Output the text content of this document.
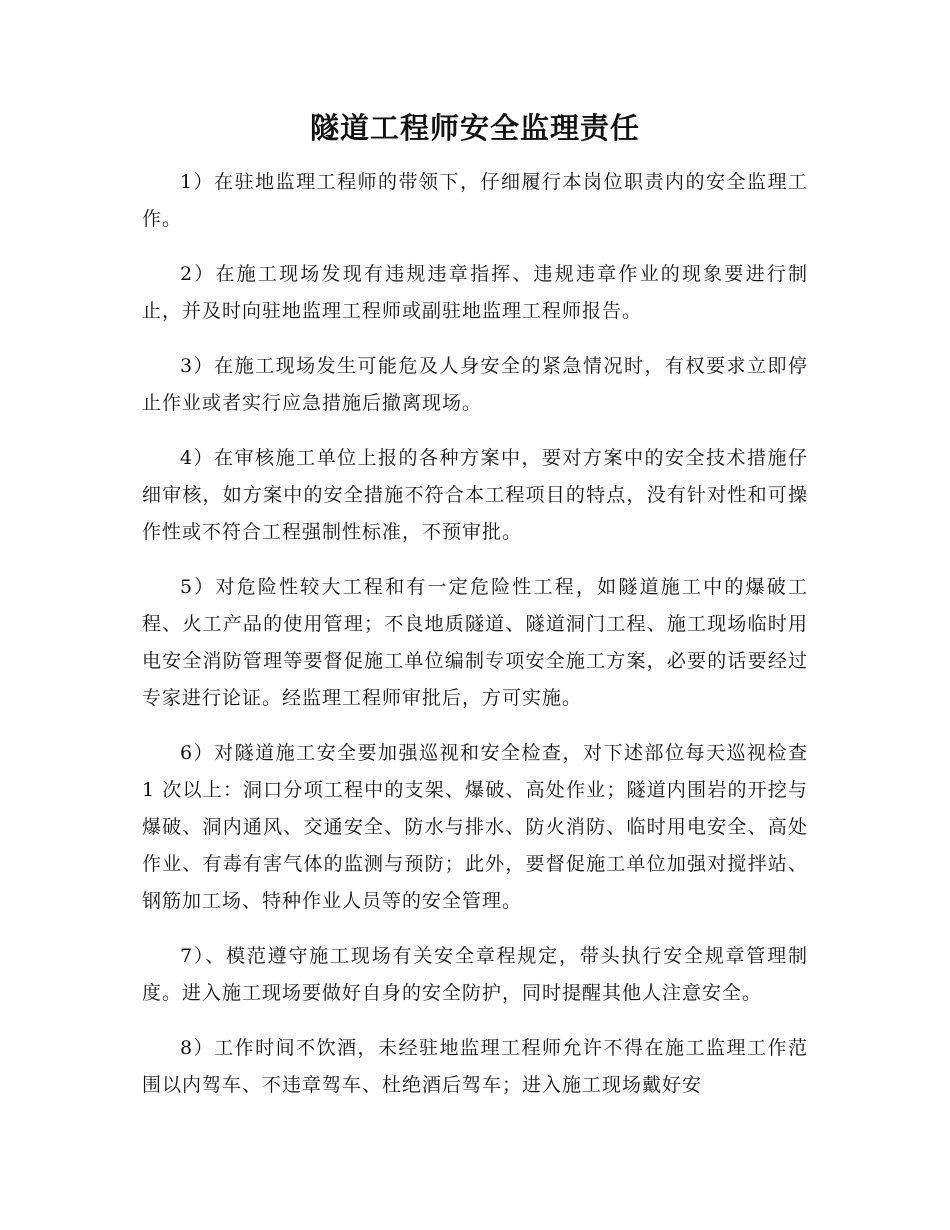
隧道工程师安全监理责任

1）在驻地监理工程师的带领下，仔细履行本岗位职责内的安全监理工作。

2）在施工现场发现有违规违章指挥、违规违章作业的现象要进行制止，并及时向驻地监理工程师或副驻地监理工程师报告。

3）在施工现场发生可能危及人身安全的紧急情况时，有权要求立即停止作业或者实行应急措施后撤离现场。

4）在审核施工单位上报的各种方案中，要对方案中的安全技术措施仔细审核，如方案中的安全措施不符合本工程项目的特点，没有针对性和可操作性或不符合工程强制性标准，不预审批。

5）对危险性较大工程和有一定危险性工程，如隧道施工中的爆破工程、火工产品的使用管理；不良地质隧道、隧道洞门工程、施工现场临时用电安全消防管理等要督促施工单位编制专项安全施工方案，必要的话要经过专家进行论证。经监理工程师审批后，方可实施。

6）对隧道施工安全要加强巡视和安全检查，对下述部位每天巡视检查 1 次以上：洞口分项工程中的支架、爆破、高处作业；隧道内围岩的开挖与爆破、洞内通风、交通安全、防水与排水、防火消防、临时用电安全、高处作业、有毒有害气体的监测与预防；此外，要督促施工单位加强对搅拌站、钢筋加工场、特种作业人员等的安全管理。

7）、模范遵守施工现场有关安全章程规定，带头执行安全规章管理制度。进入施工现场要做好自身的安全防护，同时提醒其他人注意安全。

8）工作时间不饮酒，未经驻地监理工程师允许不得在施工监理工作范围以内驾车、不违章驾车、杜绝酒后驾车；进入施工现场戴好安
